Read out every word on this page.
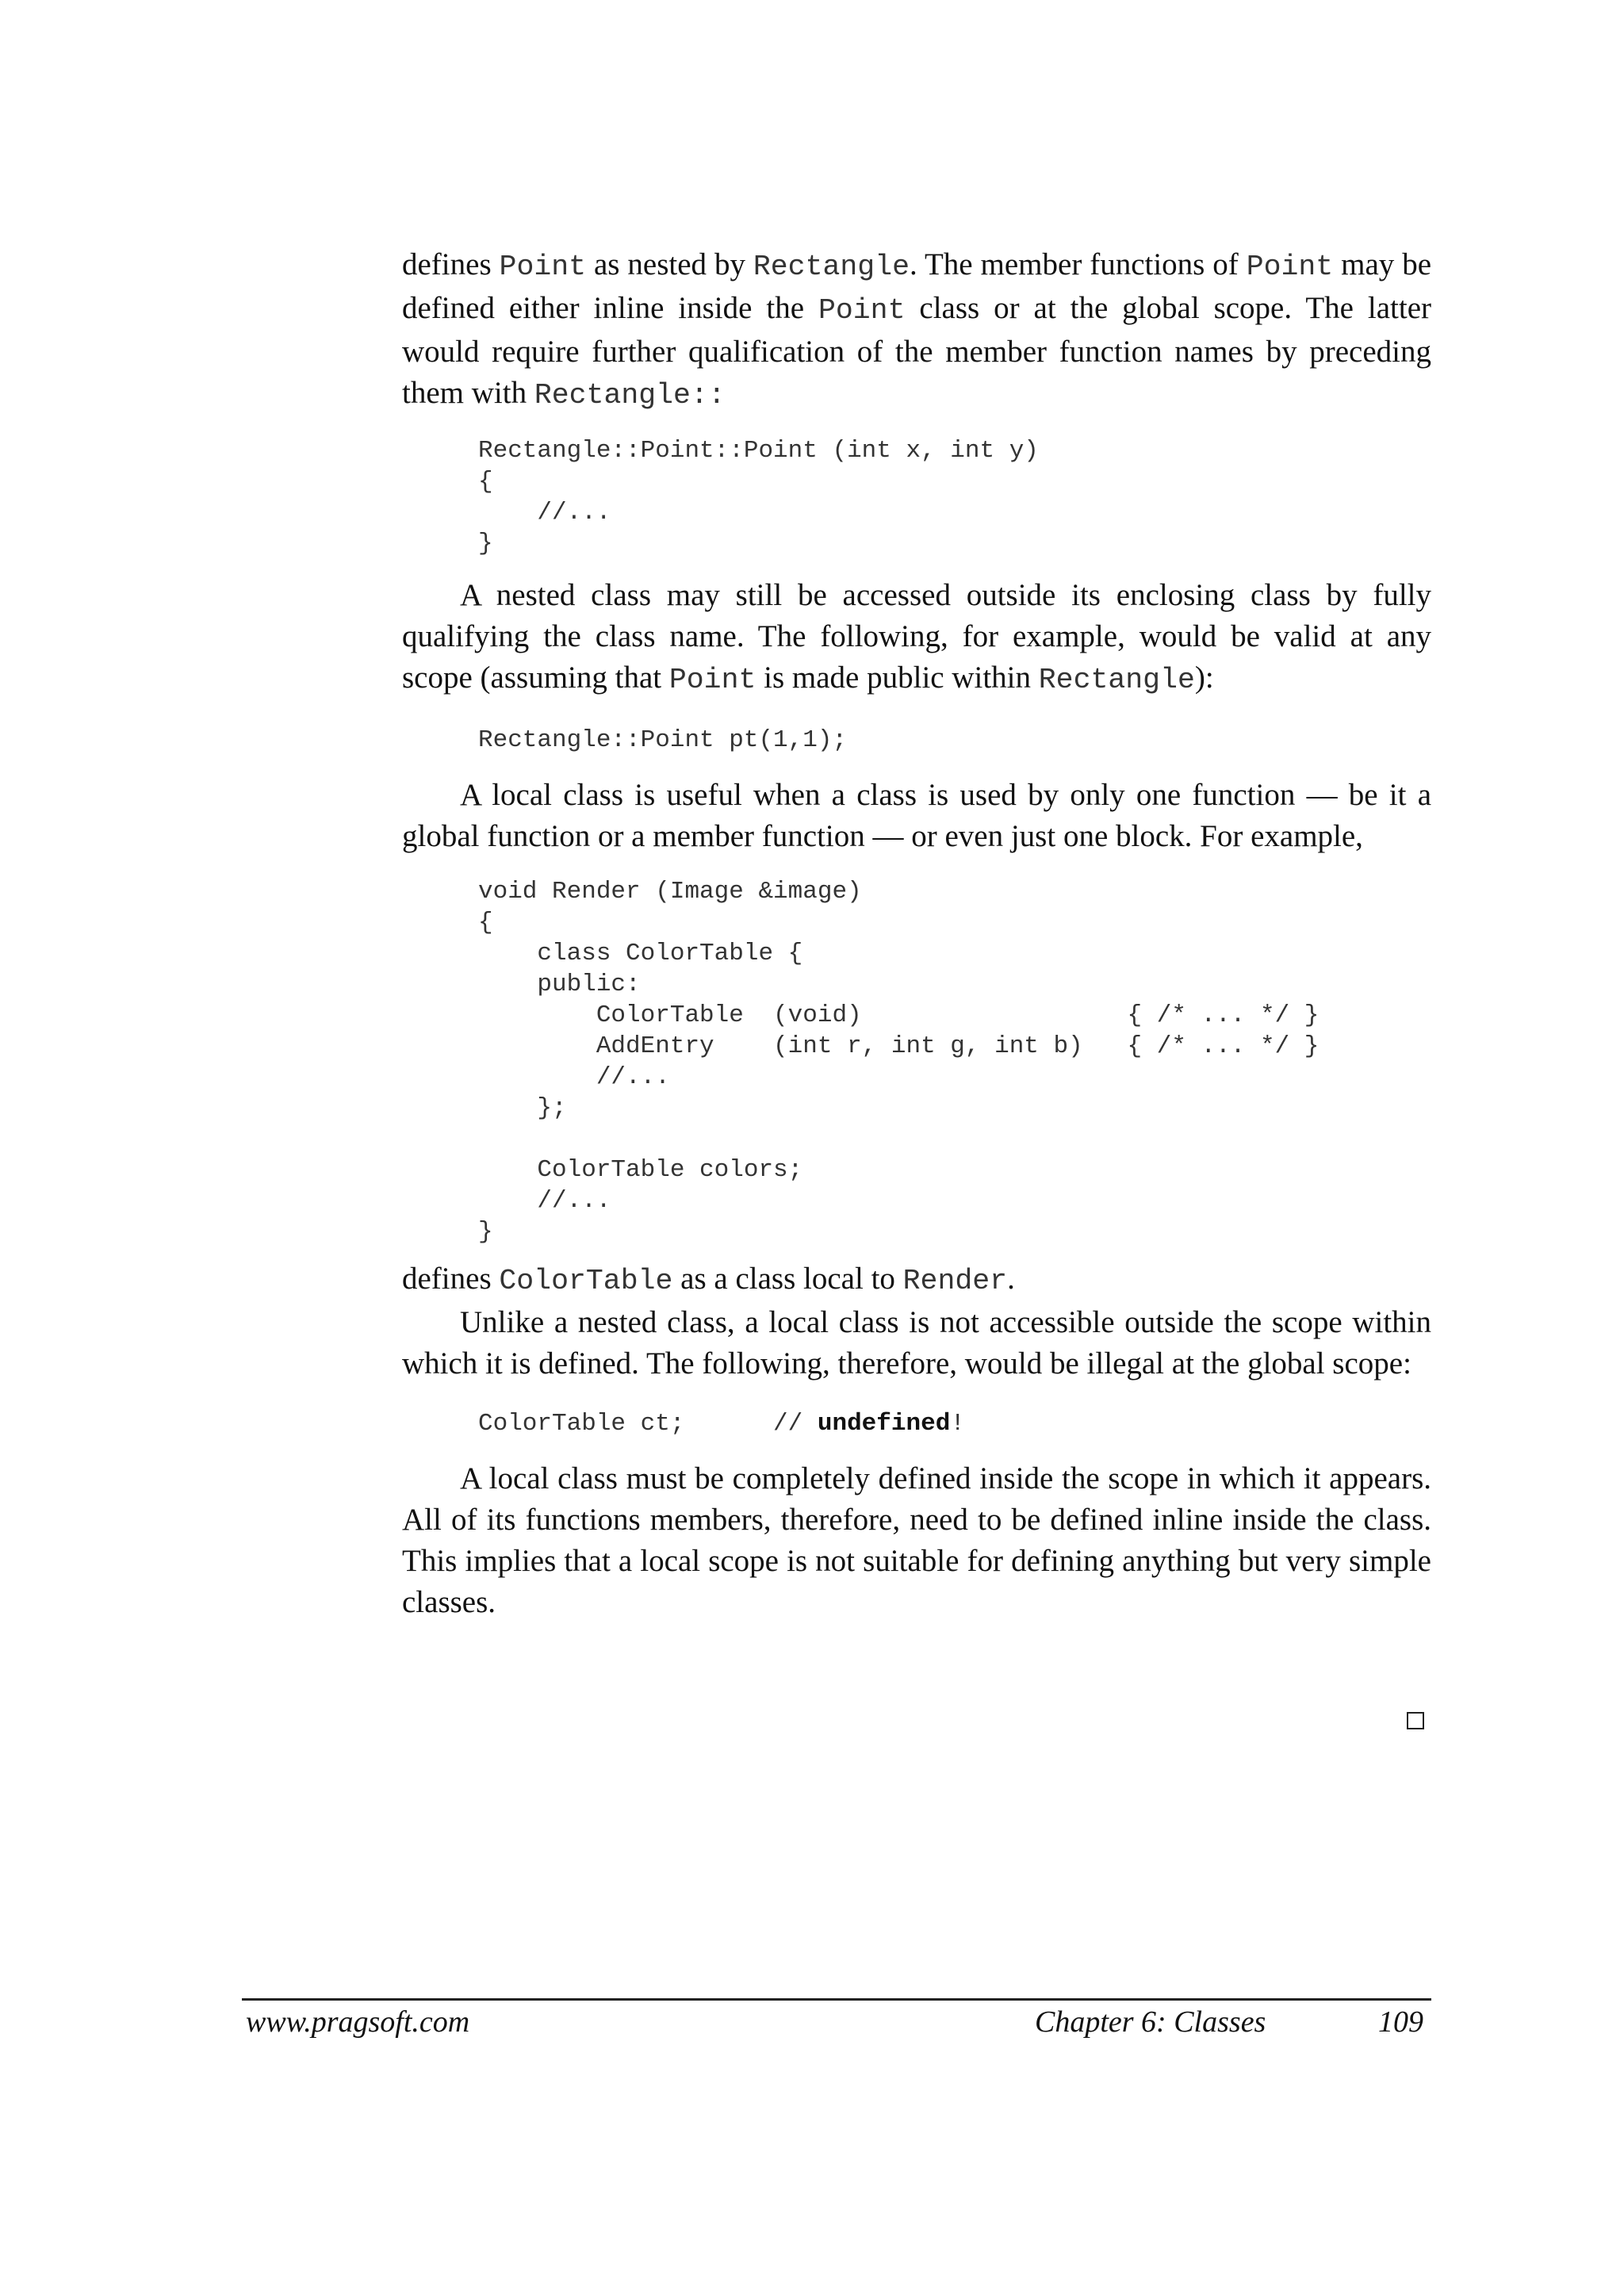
defines Point as nested by Rectangle. The member functions of Point may be defined either inline inside the Point class or at the global scope. The latter would require further qualification of the member function names by preceding them with Rectangle::

Rectangle::Point::Point (int x, int y)
{
//...
}

A nested class may still be accessed outside its enclosing class by fully qualifying the class name. The following, for example, would be valid at any scope (assuming that Point is made public within Rectangle):

Rectangle::Point pt(1,1);

A local class is useful when a class is used by only one function — be it a global function or a member function — or even just one block. For example,

void Render (Image &image)
{
class ColorTable {
public:
ColorTable  (void)                  { /* ... */ }
AddEntry    (int r, int g, int b)   { /* ... */ }
//...
};

ColorTable colors;
//...
}

defines ColorTable as a class local to Render.

Unlike a nested class, a local class is not accessible outside the scope within which it is defined. The following, therefore, would be illegal at the global scope:

ColorTable ct;      // undefined!

A local class must be completely defined inside the scope in which it appears. All of its functions members, therefore, need to be defined inline inside the class. This implies that a local scope is not suitable for defining anything but very simple classes.

www.pragsoft.com	Chapter 6: Classes	109
